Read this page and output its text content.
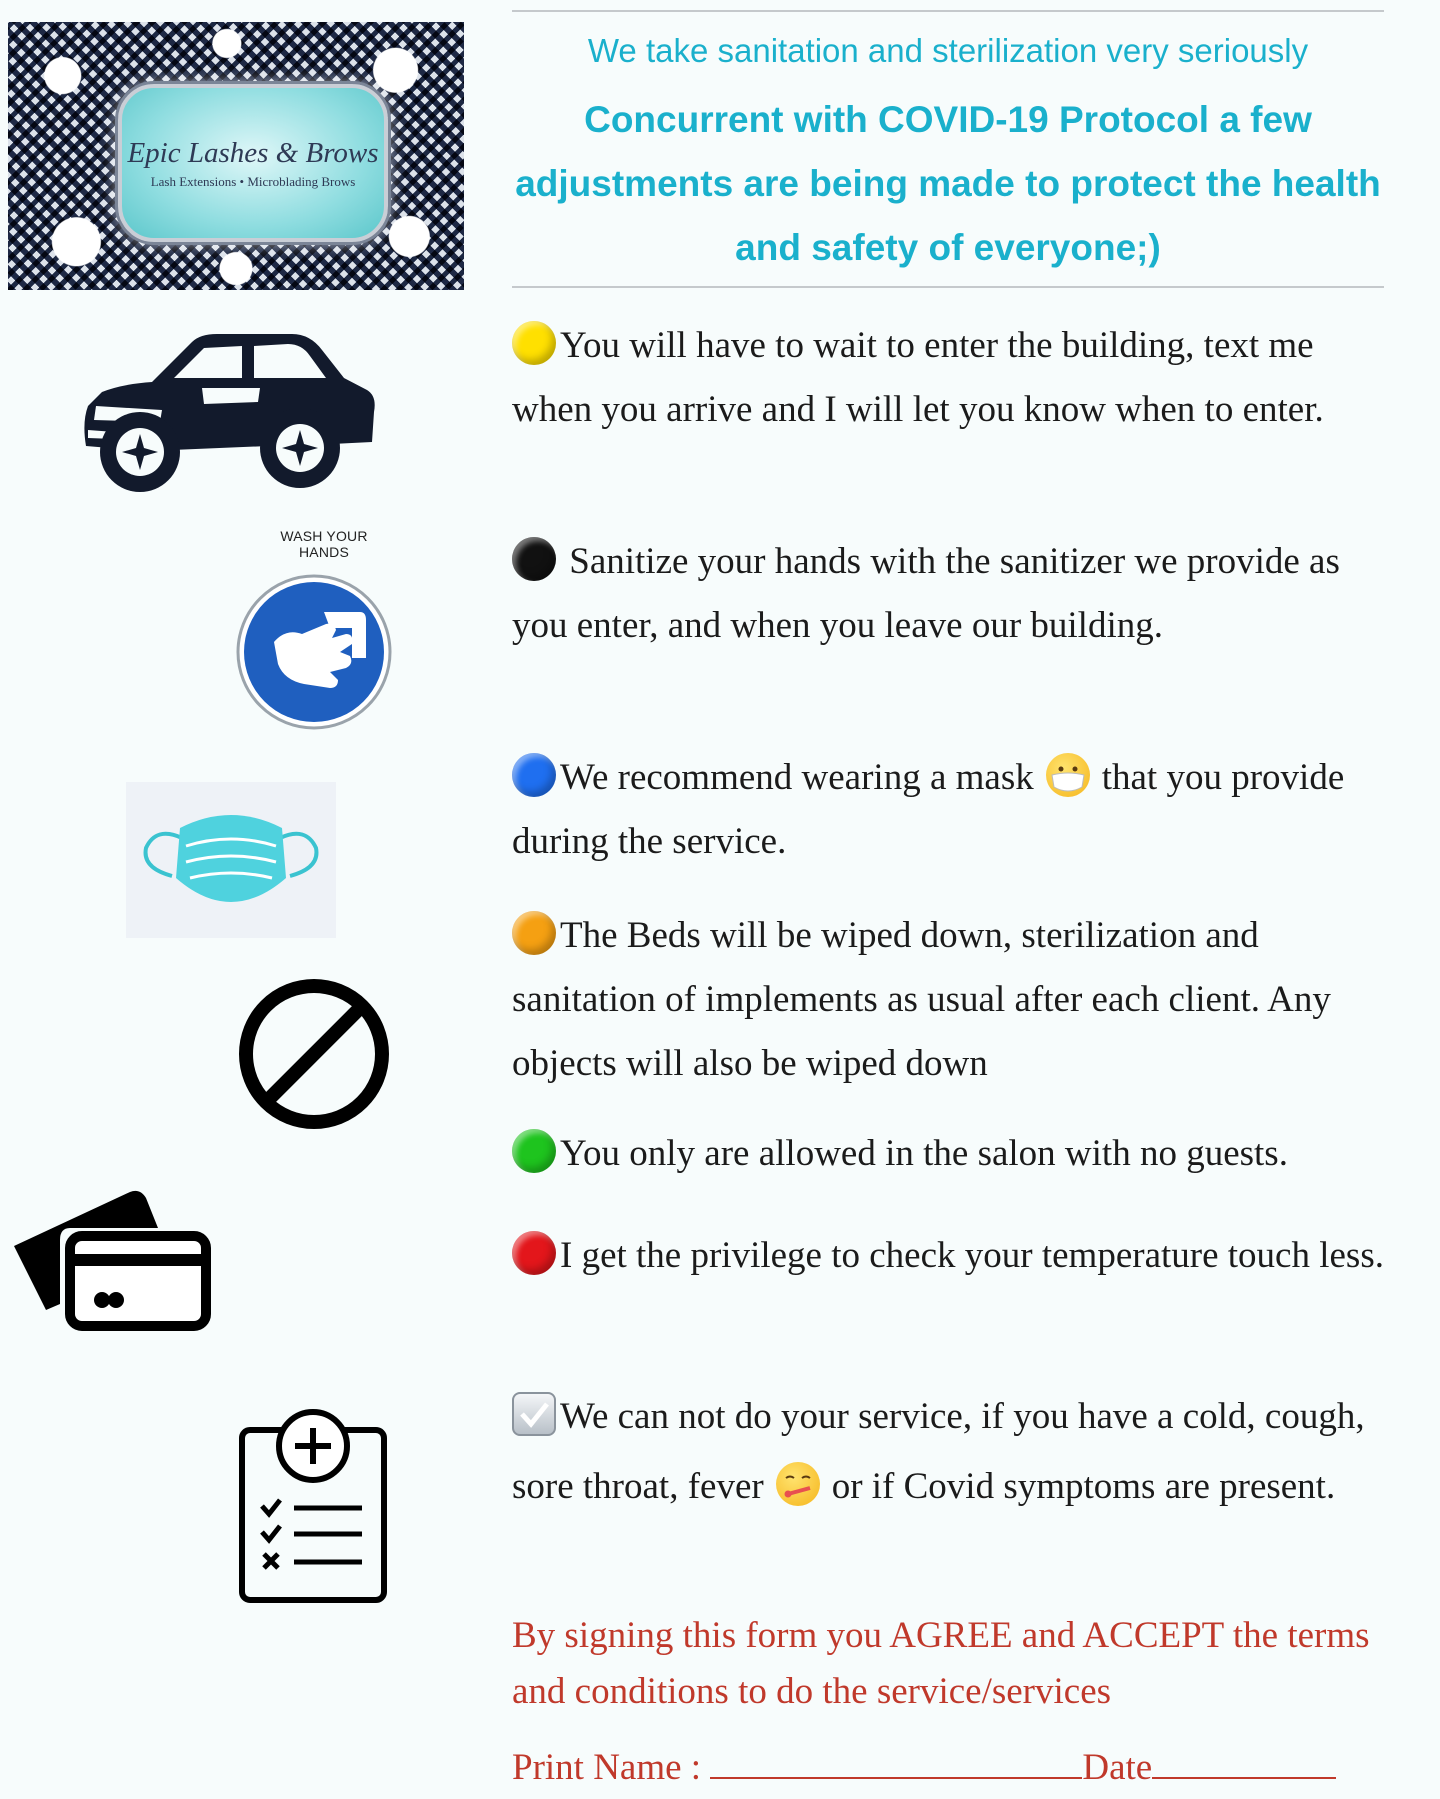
Epic Lashes & Brows
Lash Extensions • Microblading Brows
WASH YOUR HANDS
We take sanitation and sterilization very seriously
Concurrent with COVID-19 Protocol a few adjustments are being made to protect the health and safety of everyone;)
You will have to wait to enter the building, text me when you arrive and I will let you know when to enter.
Sanitize your hands with the sanitizer we provide as you enter, and when you leave our building.
We recommend wearing a mask that you provide during the service.
The Beds will be wiped down, sterilization and sanitation of implements as usual after each client. Any objects will also be wiped down
You only are allowed in the salon with no guests.
I get the privilege to check your temperature touch less.
We can not do your service, if you have a cold, cough, sore throat, fever or if Covid symptoms are present.
By signing this form you AGREE and ACCEPT the terms and conditions to do the service/services
Print Name :	Date
